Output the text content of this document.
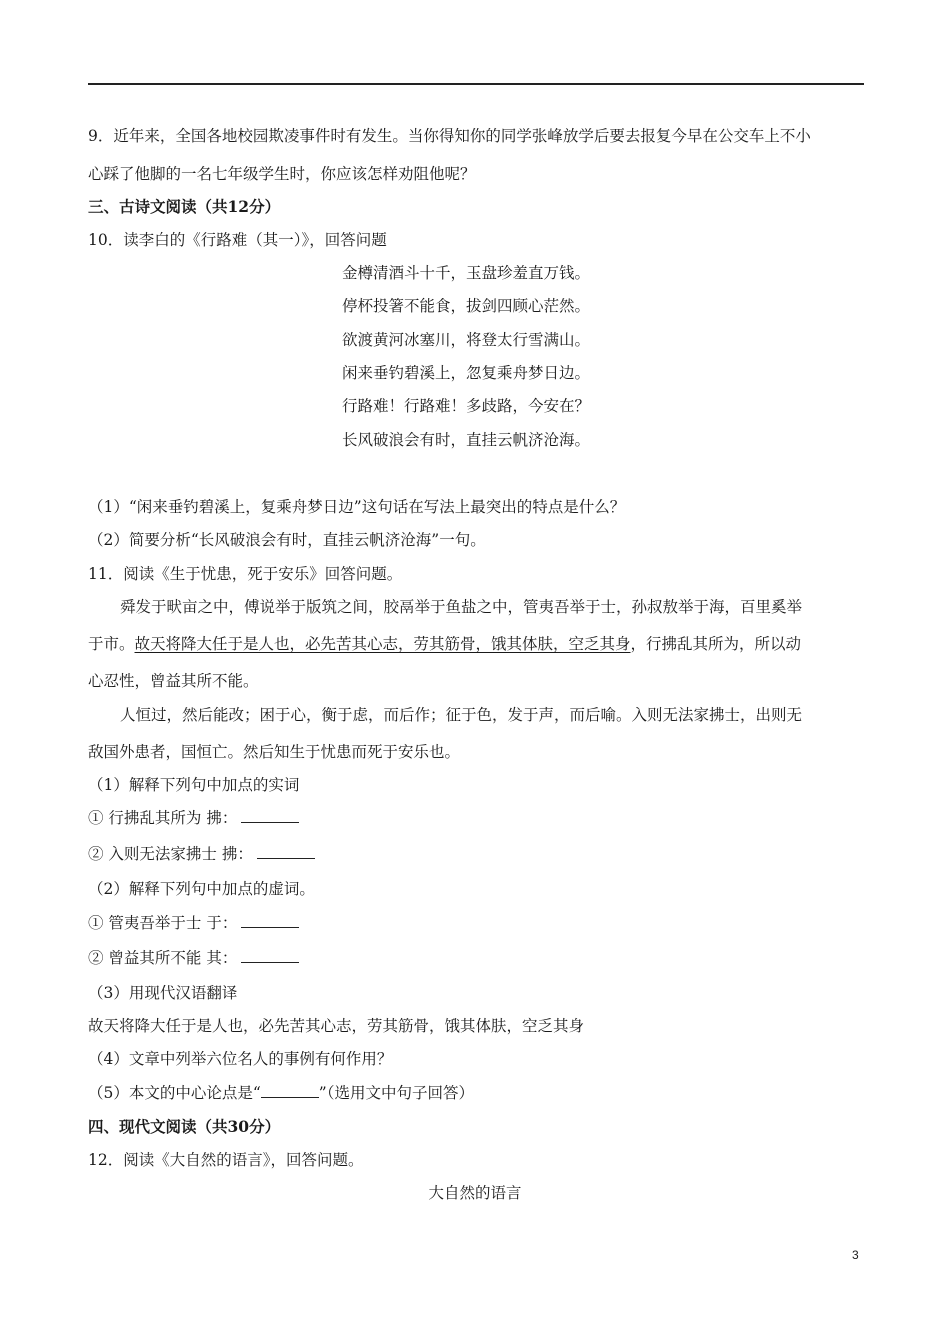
9．近年来，全国各地校园欺凌事件时有发生。当你得知你的同学张峰放学后要去报复今早在公交车上不小
心踩了他脚的一名七年级学生时，你应该怎样劝阻他呢？
三、古诗文阅读（共12分）
10．读李白的《行路难（其一）》，回答问题
金樽清酒斗十千，玉盘珍羞直万钱。
停杯投箸不能食，拔剑四顾心茫然。
欲渡黄河冰塞川，将登太行雪满山。
闲来垂钓碧溪上，忽复乘舟梦日边。
行路难！行路难！多歧路，今安在？
长风破浪会有时，直挂云帆济沧海。
（1）“闲来垂钓碧溪上，复乘舟梦日边”这句话在写法上最突出的特点是什么？
（2）简要分析“长风破浪会有时，直挂云帆济沧海”一句。
11．阅读《生于忧患，死于安乐》回答问题。
舜发于畎亩之中，傅说举于版筑之间，胶鬲举于鱼盐之中，管夷吾举于士，孙叔敖举于海，百里奚举
于市。故天将降大任于是人也，必先苦其心志，劳其筋骨，饿其体肤，空乏其身，行拂乱其所为，所以动
心忍性，曾益其所不能。
人恒过，然后能改；困于心，衡于虑，而后作；征于色，发于声，而后喻。入则无法家拂士，出则无
敌国外患者，国恒亡。然后知生于忧患而死于安乐也。
（1）解释下列句中加点的实词
① 行拂乱其所为 拂：
② 入则无法家拂士 拂：
（2）解释下列句中加点的虚词。
① 管夷吾举于士 于：
② 曾益其所不能 其：
（3）用现代汉语翻译
故天将降大任于是人也，必先苦其心志，劳其筋骨，饿其体肤，空乏其身
（4）文章中列举六位名人的事例有何作用？
（5）本文的中心论点是“	”（选用文中句子回答）
四、现代文阅读（共30分）
12．阅读《大自然的语言》，回答问题。
大自然的语言
3
